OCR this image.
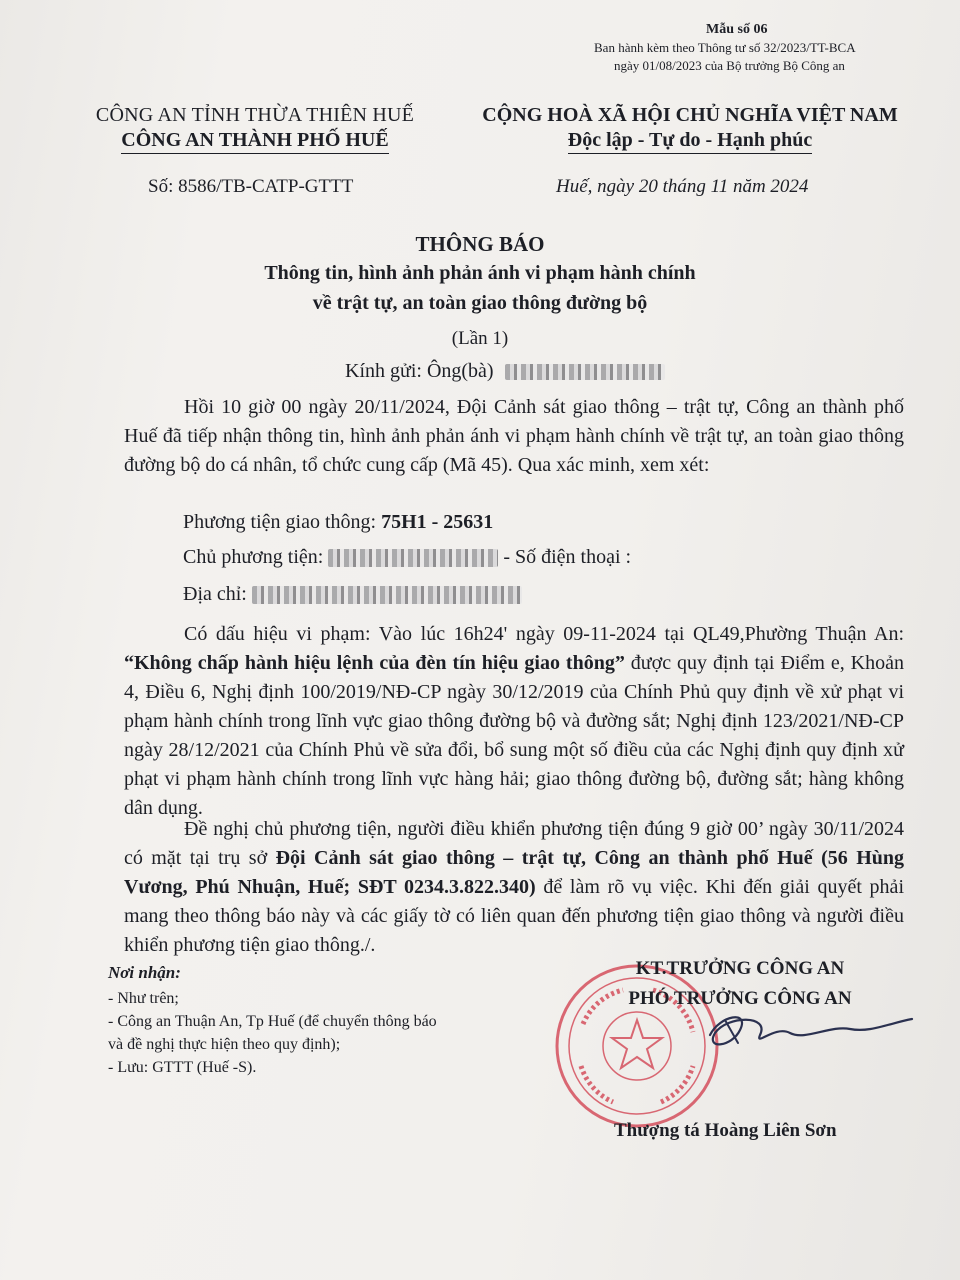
Mẫu số 06
Ban hành kèm theo Thông tư số 32/2023/TT-BCA
ngày 01/08/2023 của Bộ trưởng Bộ Công an
CÔNG AN TỈNH THỪA THIÊN HUẾ
CÔNG AN THÀNH PHỐ HUẾ
Số: 8586/TB-CATP-GTTT
CỘNG HOÀ XÃ HỘI CHỦ NGHĨA VIỆT NAM
Độc lập - Tự do - Hạnh phúc
Huế, ngày 20 tháng 11 năm 2024
THÔNG BÁO
Thông tin, hình ảnh phản ánh vi phạm hành chính
về trật tự, an toàn giao thông đường bộ
(Lần 1)
Kính gửi: Ông(bà)
Hồi 10 giờ 00 ngày 20/11/2024, Đội Cảnh sát giao thông – trật tự, Công an thành phố Huế đã tiếp nhận thông tin, hình ảnh phản ánh vi phạm hành chính về trật tự, an toàn giao thông đường bộ do cá nhân, tổ chức cung cấp (Mã 45). Qua xác minh, xem xét:
Phương tiện giao thông: 75H1 - 25631
Chủ phương tiện:	- Số điện thoại :
Địa chỉ:
Có dấu hiệu vi phạm: Vào lúc 16h24' ngày 09-11-2024 tại QL49,Phường Thuận An: “Không chấp hành hiệu lệnh của đèn tín hiệu giao thông” được quy định tại Điểm e, Khoản 4, Điều 6, Nghị định 100/2019/NĐ-CP ngày 30/12/2019 của Chính Phủ quy định về xử phạt vi phạm hành chính trong lĩnh vực giao thông đường bộ và đường sắt; Nghị định 123/2021/NĐ-CP ngày 28/12/2021 của Chính Phủ về sửa đổi, bổ sung một số điều của các Nghị định quy định xử phạt vi phạm hành chính trong lĩnh vực hàng hải; giao thông đường bộ, đường sắt; hàng không dân dụng.
Đề nghị chủ phương tiện, người điều khiển phương tiện đúng 9 giờ 00’ ngày 30/11/2024 có mặt tại trụ sở Đội Cảnh sát giao thông – trật tự, Công an thành phố Huế (56 Hùng Vương, Phú Nhuận, Huế; SĐT 0234.3.822.340) để làm rõ vụ việc. Khi đến giải quyết phải mang theo thông báo này và các giấy tờ có liên quan đến phương tiện giao thông và người điều khiển phương tiện giao thông./.
Nơi nhận:
- Như trên;
- Công an Thuận An, Tp Huế (để chuyển thông báo
và đề nghị thực hiện theo quy định);
- Lưu: GTTT (Huế -S).
KT.TRƯỞNG CÔNG AN
PHÓ TRƯỞNG CÔNG AN
Thượng tá Hoàng Liên Sơn
